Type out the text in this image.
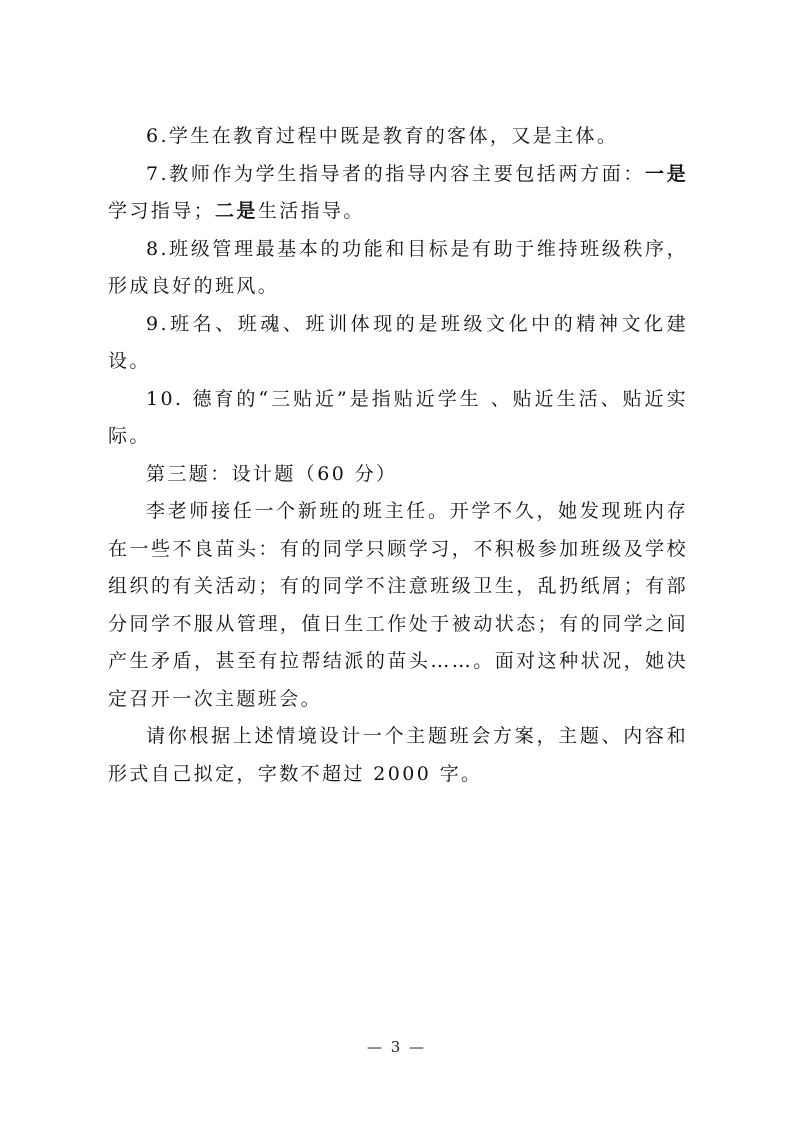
6.学生在教育过程中既是教育的客体，又是主体。

7.教师作为学生指导者的指导内容主要包括两方面：一是学习指导；二是生活指导。

8.班级管理最基本的功能和目标是有助于维持班级秩序，形成良好的班风。

9.班名、班魂、班训体现的是班级文化中的精神文化建设。

10. 德育的“三贴近”是指贴近学生 、贴近生活、贴近实际。

第三题：设计题（60 分）

李老师接任一个新班的班主任。开学不久，她发现班内存在一些不良苗头：有的同学只顾学习，不积极参加班级及学校组织的有关活动；有的同学不注意班级卫生，乱扔纸屑；有部分同学不服从管理，值日生工作处于被动状态；有的同学之间产生矛盾，甚至有拉帮结派的苗头……。面对这种状况，她决定召开一次主题班会。

请你根据上述情境设计一个主题班会方案，主题、内容和形式自己拟定，字数不超过 2000 字。

— 3 —
